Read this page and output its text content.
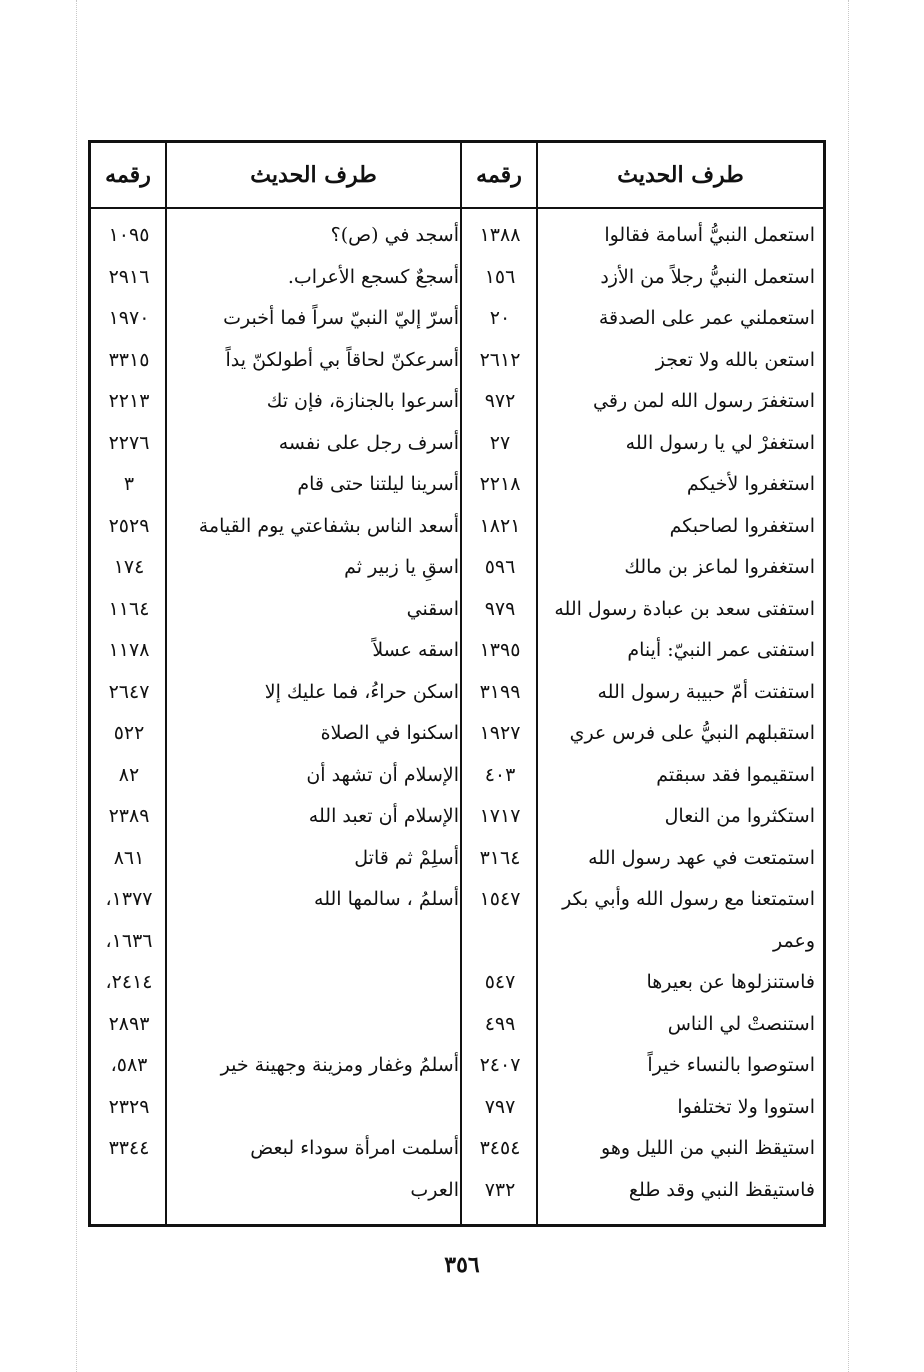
طرف الحديث
رقمه
طرف الحديث
رقمه
استعمل النبيُّ أسامة فقالوا
١٣٨٨
أسجد في (ص)؟
١٠٩٥
استعمل النبيُّ رجلاً من الأزد
١٥٦
أسجعٌ كسجع الأعراب.
٢٩١٦
استعملني عمر على الصدقة
٢٠
أسرّ إليّ النبيّ سراً فما أخبرت
١٩٧٠
استعن بالله ولا تعجز
٢٦١٢
أسرعكنّ لحاقاً بي أطولكنّ يداً
٣٣١٥
استغفرَ رسول الله لمن رقي
٩٧٢
أسرعوا بالجنازة، فإن تك
٢٢١٣
استغفرْ لي يا رسول الله
٢٧
أسرف رجل على نفسه
٢٢٧٦
استغفروا لأخيكم
٢٢١٨
أسرينا ليلتنا حتى قام
٣
استغفروا لصاحبكم
١٨٢١
أسعد الناس بشفاعتي يوم القيامة
٢٥٢٩
استغفروا لماعز بن مالك
٥٩٦
اسقِ يا زبير ثم
١٧٤
استفتى سعد بن عبادة رسول الله
٩٧٩
اسقني
١١٦٤
استفتى عمر النبيّ: أينام
١٣٩٥
اسقه عسلاً
١١٧٨
استفتت أمّ حبيبة رسول الله
٣١٩٩
اسكن حراءُ، فما عليك إلا
٢٦٤٧
استقبلهم النبيُّ على فرس عري
١٩٢٧
اسكنوا في الصلاة
٥٢٢
استقيموا فقد سبقتم
٤٠٣
الإسلام أن تشهد أن
٨٢
استكثروا من النعال
١٧١٧
الإسلام أن تعبد الله
٢٣٨٩
استمتعت في عهد رسول الله
٣١٦٤
أسلِمْ ثم قاتل
٨٦١
استمتعنا مع رسول الله وأبي بكر
١٥٤٧
أسلمُ ، سالمها الله
١٣٧٧،
وعمر
١٦٣٦،
فاستنزلوها عن بعيرها
٥٤٧
٢٤١٤،
استنصتْ لي الناس
٤٩٩
٢٨٩٣
استوصوا بالنساء خيراً
٢٤٠٧
أسلمُ وغفار ومزينة وجهينة خير
٥٨٣،
استووا ولا تختلفوا
٧٩٧
٢٣٢٩
استيقظ النبي من الليل وهو
٣٤٥٤
أسلمت امرأة سوداء لبعض
٣٣٤٤
فاستيقظ النبي وقد طلع
٧٣٢
العرب
٣٥٦
